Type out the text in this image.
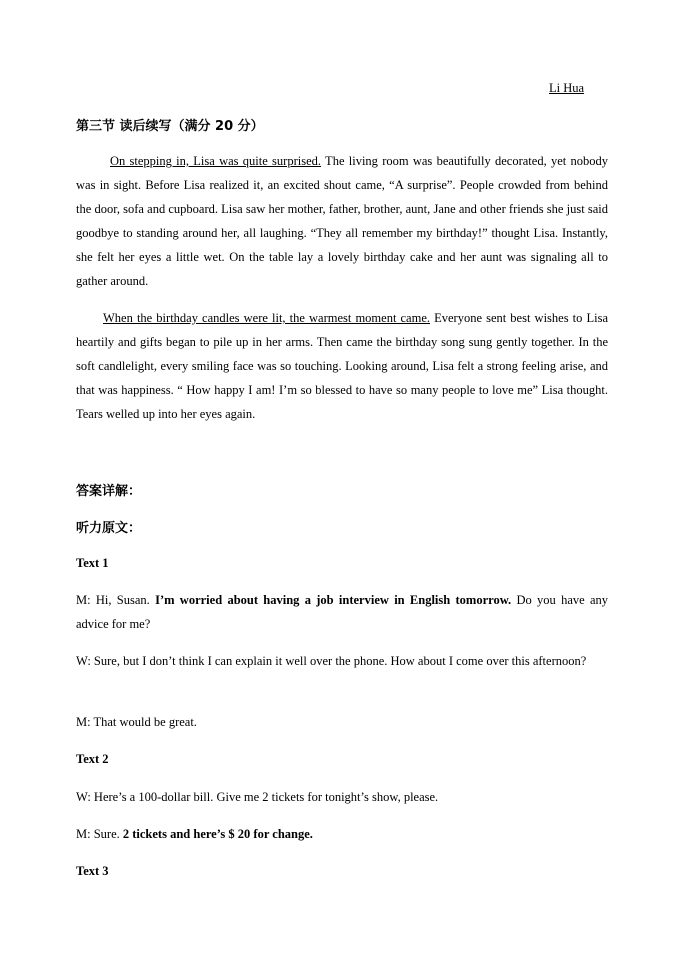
Li Hua
第三节 读后续写（满分 20 分）

On stepping in, Lisa was quite surprised. The living room was beautifully decorated, yet nobody was in sight. Before Lisa realized it, an excited shout came, “A surprise”. People crowded from behind the door, sofa and cupboard. Lisa saw her mother, father, brother, aunt, Jane and other friends she just said goodbye to standing around her, all laughing. “They all remember my birthday!” thought Lisa. Instantly, she felt her eyes a little wet. On the table lay a lovely birthday cake and her aunt was signaling all to gather around.

When the birthday candles were lit, the warmest moment came. Everyone sent best wishes to Lisa heartily and gifts began to pile up in her arms. Then came the birthday song sung gently together. In the soft candlelight, every smiling face was so touching. Looking around, Lisa felt a strong feeling arise, and that was happiness. “ How happy I am! I’m so blessed to have so many people to love me” Lisa thought. Tears welled up into her eyes again.

答案详解：
听力原文：
Text 1

M: Hi, Susan. I’m worried about having a job interview in English tomorrow. Do you have any advice for me?

W: Sure, but I don’t think I can explain it well over the phone. How about I come over this afternoon?

M: That would be great.

Text 2

W: Here’s a 100-dollar bill. Give me 2 tickets for tonight’s show, please.

M: Sure. 2 tickets and here’s $ 20 for change.

Text 3
